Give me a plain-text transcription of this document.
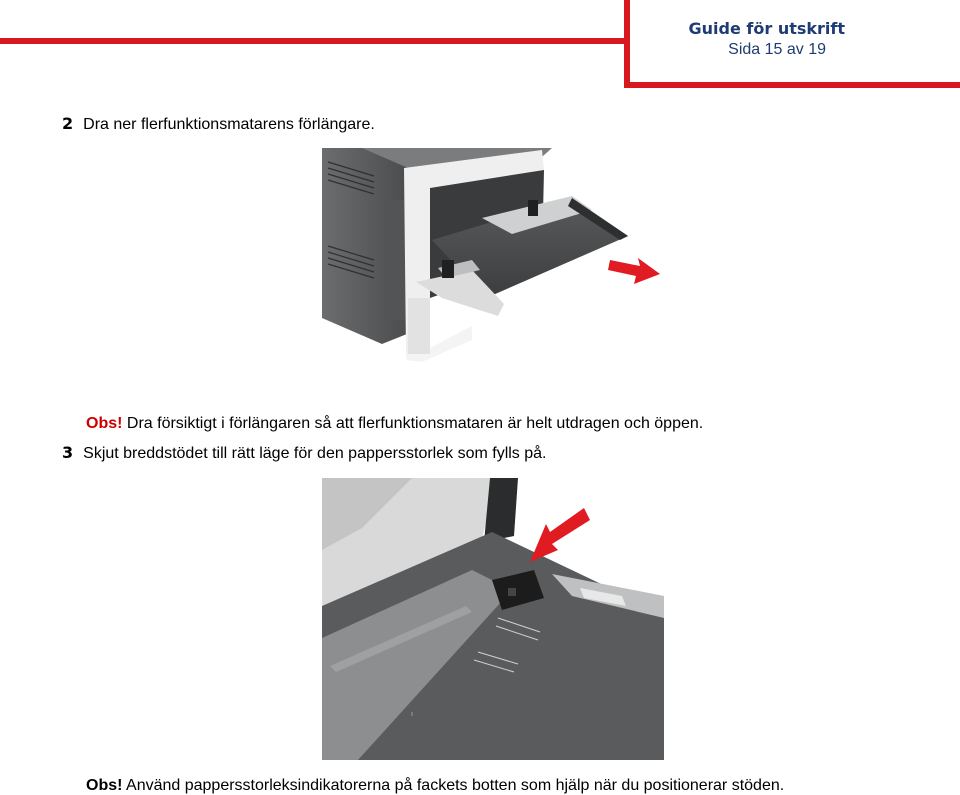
Guide för utskrift
Sida 15 av 19
2 Dra ner flerfunktionsmatarens förlängare.
Obs! Dra försiktigt i förlängaren så att flerfunktionsmataren är helt utdragen och öppen.
3 Skjut breddstödet till rätt läge för den pappersstorlek som fylls på.
Obs! Använd pappersstorleksindikatorerna på fackets botten som hjälp när du positionerar stöden.
